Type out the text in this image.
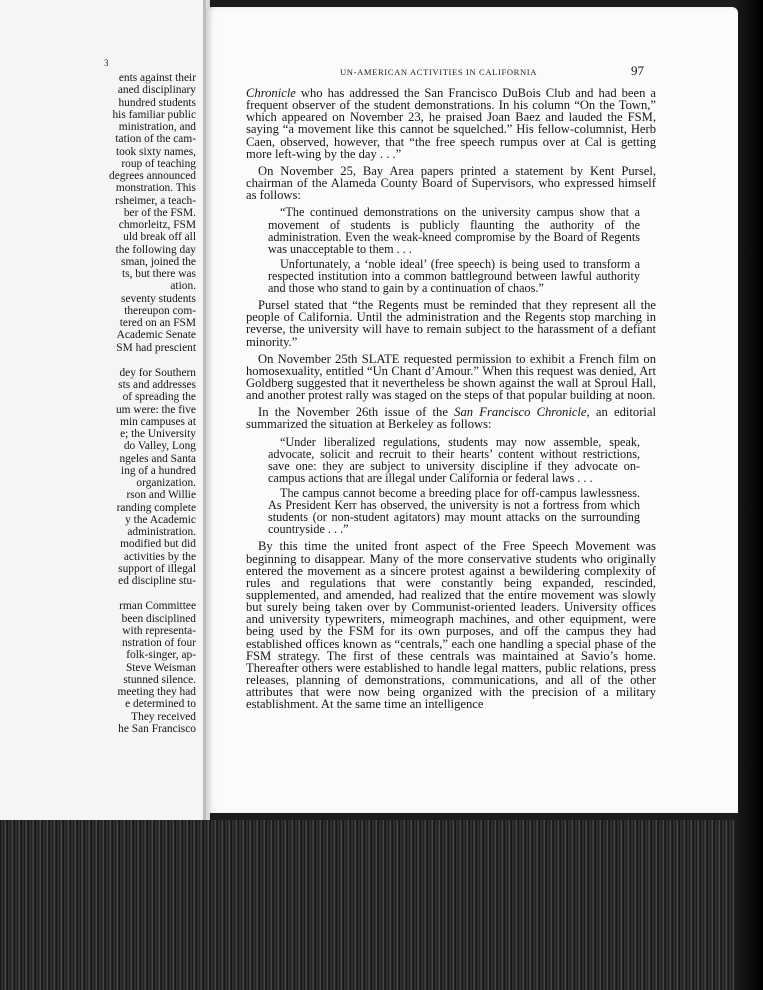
3
ents against their
aned disciplinary
hundred students
his familiar public
ministration, and
tation of the cam-
took sixty names,
roup of teaching
degrees announced
monstration. This
rsheimer, a teach-
ber of the FSM.
chmorleitz, FSM
uld break off all
the following day
sman, joined the
ts, but there was
ation.
seventy students
thereupon com-
tered on an FSM
Academic Senate
SM had prescient
dey for Southern
sts and addresses
of spreading the
um were: the five
min campuses at
e; the University
do Valley, Long
ngeles and Santa
ing of a hundred
organization.
rson and Willie
randing complete
y the Academic
administration.
modified but did
activities by the
support of illegal
ed discipline stu-
rman Committee
been disciplined
with representa-
nstration of four
folk-singer, ap-
Steve Weisman
stunned silence.
meeting they had
e determined to
They received
he San Francisco
UN-AMERICAN ACTIVITIES IN CALIFORNIA	97

Chronicle who has addressed the San Francisco DuBois Club and had been a frequent observer of the student demonstrations. In his column “On the Town,” which appeared on November 23, he praised Joan Baez and lauded the FSM, saying “a movement like this cannot be squelched.” His fellow-columnist, Herb Caen, observed, however, that “the free speech rumpus over at Cal is getting more left-wing by the day . . .”

On November 25, Bay Area papers printed a statement by Kent Pursel, chairman of the Alameda County Board of Supervisors, who expressed himself as follows:

“The continued demonstrations on the university campus show that a movement of students is publicly flaunting the authority of the administration. Even the weak-kneed compromise by the Board of Regents was unacceptable to them . . .

Unfortunately, a ‘noble ideal’ (free speech) is being used to transform a respected institution into a common battleground between lawful authority and those who stand to gain by a continuation of chaos.”

Pursel stated that “the Regents must be reminded that they represent all the people of California. Until the administration and the Regents stop marching in reverse, the university will have to remain subject to the harassment of a defiant minority.”

On November 25th SLATE requested permission to exhibit a French film on homosexuality, entitled “Un Chant d’Amour.” When this request was denied, Art Goldberg suggested that it nevertheless be shown against the wall at Sproul Hall, and another protest rally was staged on the steps of that popular building at noon.

In the November 26th issue of the San Francisco Chronicle, an editorial summarized the situation at Berkeley as follows:

“Under liberalized regulations, students may now assemble, speak, advocate, solicit and recruit to their hearts’ content without restrictions, save one: they are subject to university discipline if they advocate on-campus actions that are illegal under California or federal laws . . .

The campus cannot become a breeding place for off-campus lawlessness. As President Kerr has observed, the university is not a fortress from which students (or non-student agitators) may mount attacks on the surrounding countryside . . .”

By this time the united front aspect of the Free Speech Movement was beginning to disappear. Many of the more conservative students who originally entered the movement as a sincere protest against a bewildering complexity of rules and regulations that were constantly being expanded, rescinded, supplemented, and amended, had realized that the entire movement was slowly but surely being taken over by Communist-oriented leaders. University offices and university typewriters, mimeograph machines, and other equipment, were being used by the FSM for its own purposes, and off the campus they had established offices known as “centrals,” each one handling a special phase of the FSM strategy. The first of these centrals was maintained at Savio’s home. Thereafter others were established to handle legal matters, public relations, press releases, planning of demonstrations, communications, and all of the other attributes that were now being organized with the precision of a military establishment. At the same time an intelligence
